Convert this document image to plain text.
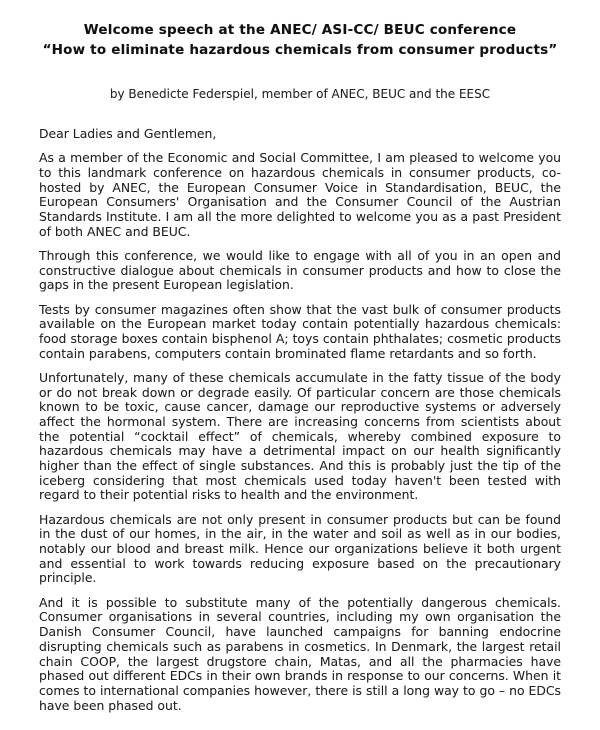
Welcome speech at the ANEC/ ASI-CC/ BEUC conference

“How to eliminate hazardous chemicals from consumer products”

by Benedicte Federspiel, member of ANEC, BEUC and the EESC

Dear Ladies and Gentlemen,

As a member of the Economic and Social Committee, I am pleased to welcome you to this landmark conference on hazardous chemicals in consumer products, co-hosted by ANEC, the European Consumer Voice in Standardisation, BEUC, the European Consumers' Organisation and the Consumer Council of the Austrian Standards Institute. I am all the more delighted to welcome you as a past President of both ANEC and BEUC.

Through this conference, we would like to engage with all of you in an open and constructive dialogue about chemicals in consumer products and how to close the gaps in the present European legislation.

Tests by consumer magazines often show that the vast bulk of consumer products available on the European market today contain potentially hazardous chemicals: food storage boxes contain bisphenol A; toys contain phthalates; cosmetic products contain parabens, computers contain brominated flame retardants and so forth.

Unfortunately, many of these chemicals accumulate in the fatty tissue of the body or do not break down or degrade easily. Of particular concern are those chemicals known to be toxic, cause cancer, damage our reproductive systems or adversely affect the hormonal system. There are increasing concerns from scientists about the potential “cocktail effect” of chemicals, whereby combined exposure to hazardous chemicals may have a detrimental impact on our health significantly higher than the effect of single substances. And this is probably just the tip of the iceberg considering that most chemicals used today haven't been tested with regard to their potential risks to health and the environment.

Hazardous chemicals are not only present in consumer products but can be found in the dust of our homes, in the air, in the water and soil as well as in our bodies, notably our blood and breast milk. Hence our organizations believe it both urgent and essential to work towards reducing exposure based on the precautionary principle.

And it is possible to substitute many of the potentially dangerous chemicals. Consumer organisations in several countries, including my own organisation the Danish Consumer Council, have launched campaigns for banning endocrine disrupting chemicals such as parabens in cosmetics. In Denmark, the largest retail chain COOP, the largest drugstore chain, Matas, and all the pharmacies have phased out different EDCs in their own brands in response to our concerns. When it comes to international companies however, there is still a long way to go – no EDCs have been phased out.
